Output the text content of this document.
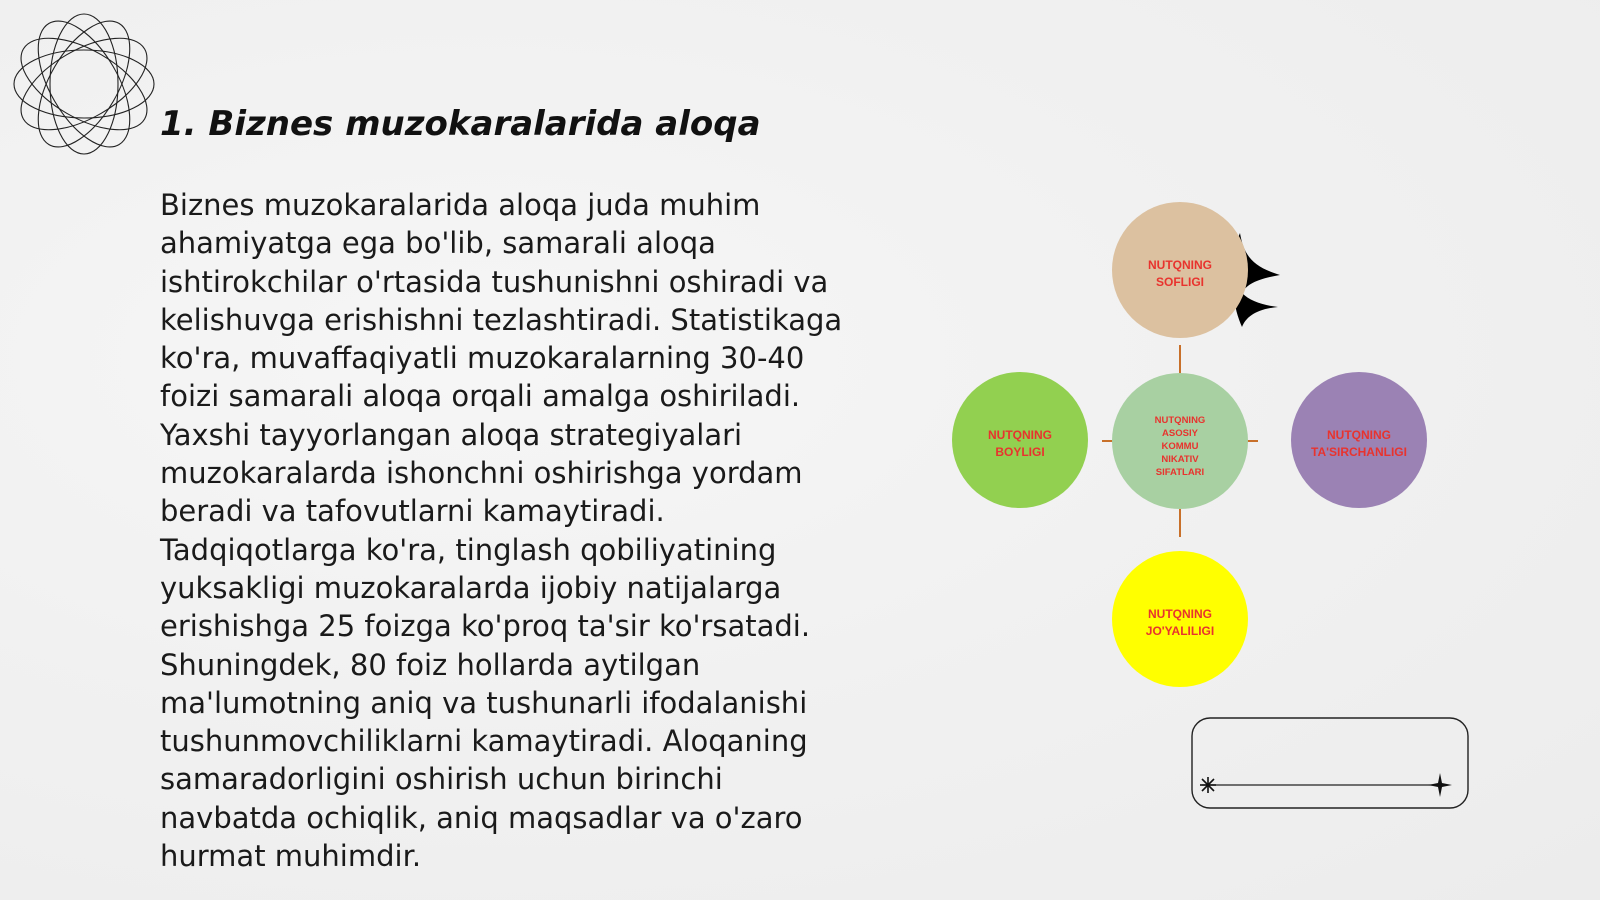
1. Biznes muzokaralarida aloqa

Biznes muzokaralarida aloqa juda muhim ahamiyatga ega bo'lib, samarali aloqa ishtirokchilar o'rtasida tushunishni oshiradi va kelishuvga erishishni tezlashtiradi. Statistikaga ko'ra, muvaffaqiyatli muzokaralarning 30-40 foizi samarali aloqa orqali amalga oshiriladi. Yaxshi tayyorlangan aloqa strategiyalari muzokaralarda ishonchni oshirishga yordam beradi va tafovutlarni kamaytiradi. Tadqiqotlarga ko'ra, tinglash qobiliyatining yuksakligi muzokaralarda ijobiy natijalarga erishishga 25 foizga ko'proq ta'sir ko'rsatadi. Shuningdek, 80 foiz hollarda aytilgan ma'lumotning aniq va tushunarli ifodalanishi tushunmovchiliklarni kamaytiradi. Aloqaning samaradorligini oshirish uchun birinchi navbatda ochiqlik, aniq maqsadlar va o'zaro hurmat muhimdir.

NUTQNING SOFLIGI
NUTQNING BOYLIGI
NUTQNING ASOSIY KOMMU NIKATIV SIFATLARI
NUTQNING TA'SIRCHANLIGI
NUTQNING JO'YALILIGI
